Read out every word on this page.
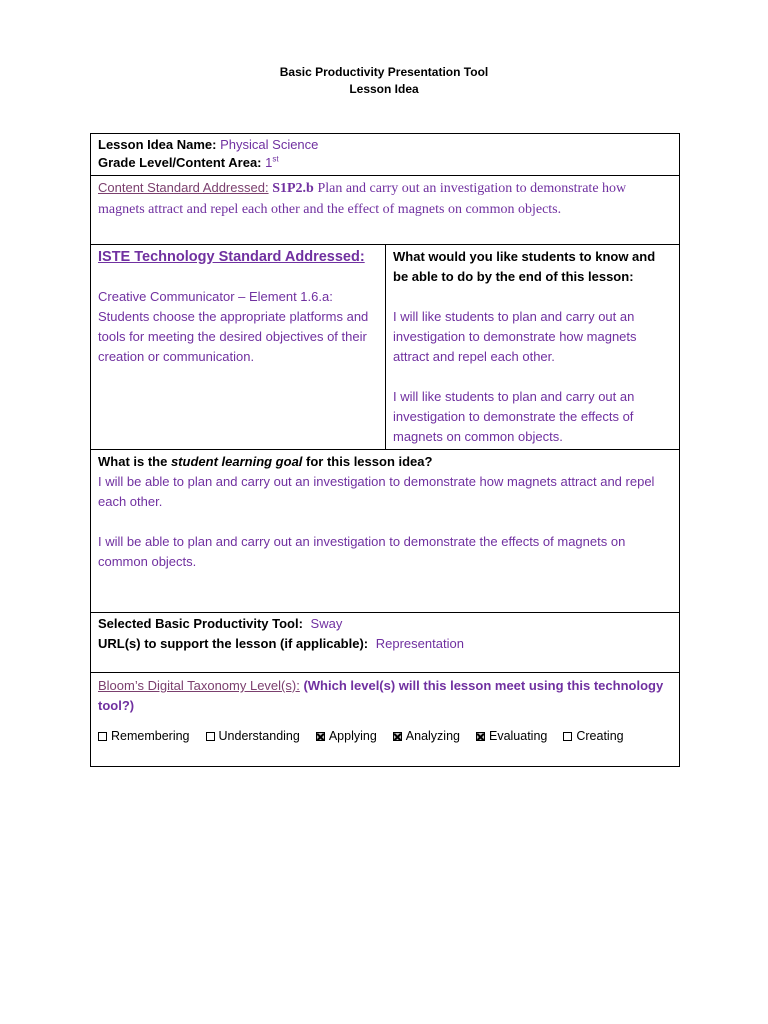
Basic Productivity Presentation Tool
Lesson Idea
Lesson Idea Name: Physical Science
Grade Level/Content Area: 1st

Content Standard Addressed: S1P2.b Plan and carry out an investigation to demonstrate how magnets attract and repel each other and the effect of magnets on common objects.

ISTE Technology Standard Addressed:

Creative Communicator – Element 1.6.a: Students choose the appropriate platforms and tools for meeting the desired objectives of their creation or communication.

What would you like students to know and be able to do by the end of this lesson:

I will like students to plan and carry out an investigation to demonstrate how magnets attract and repel each other.

I will like students to plan and carry out an investigation to demonstrate the effects of magnets on common objects.

What is the student learning goal for this lesson idea?

I will be able to plan and carry out an investigation to demonstrate how magnets attract and repel each other.

I will be able to plan and carry out an investigation to demonstrate the effects of magnets on common objects.

Selected Basic Productivity Tool: Sway
URL(s) to support the lesson (if applicable): Representation

Bloom’s Digital Taxonomy Level(s): (Which level(s) will this lesson meet using this technology tool?)

Remembering Understanding Applying Analyzing Evaluating Creating
